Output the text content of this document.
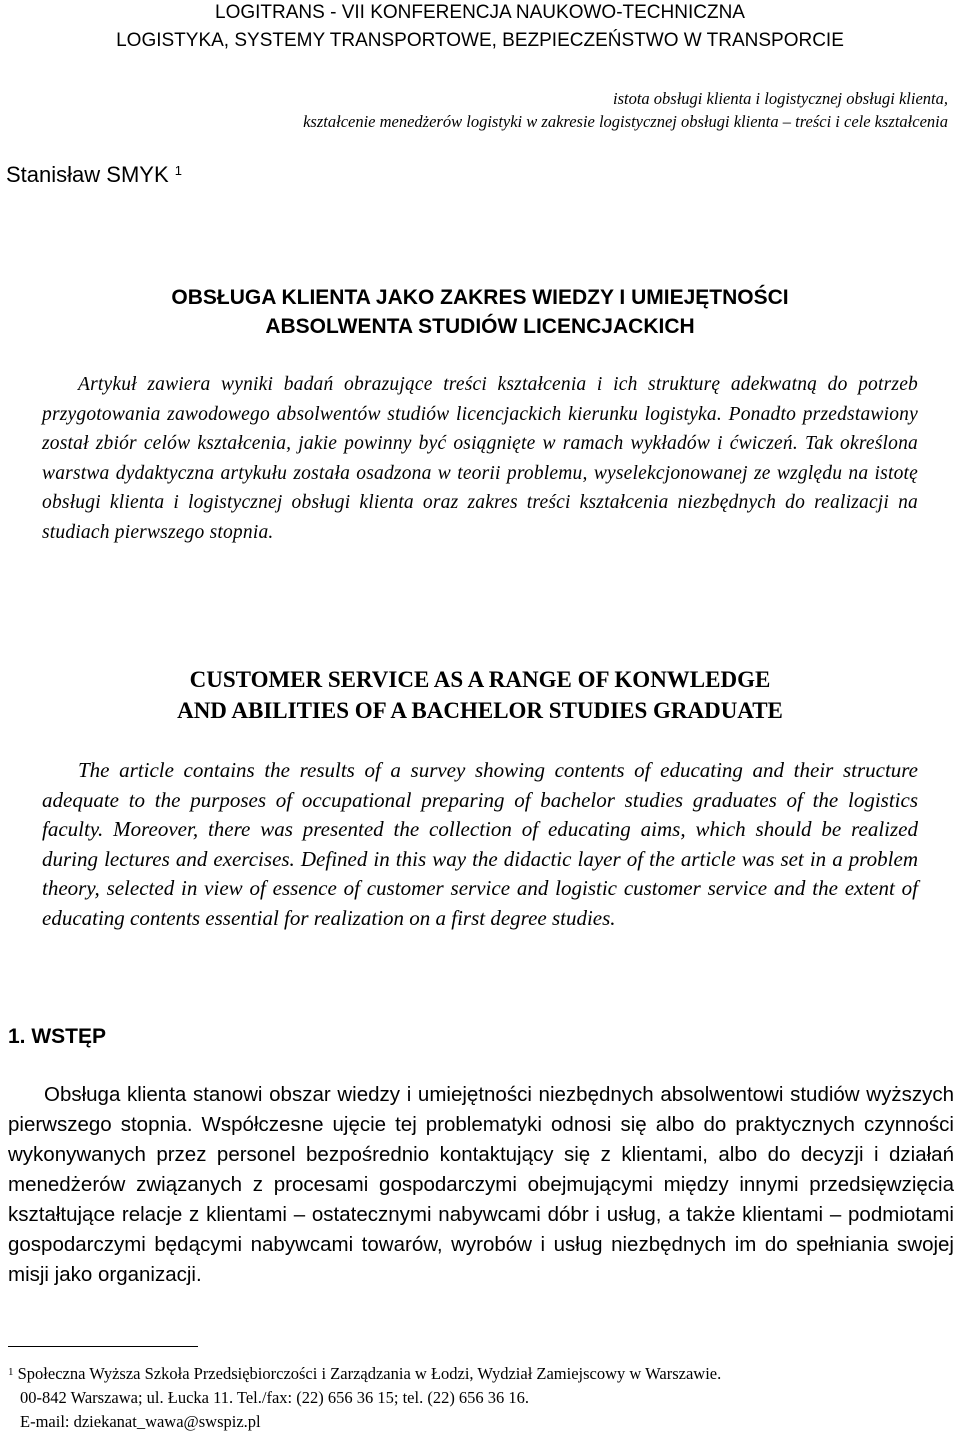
LOGITRANS - VII KONFERENCJA NAUKOWO-TECHNICZNA
LOGISTYKA, SYSTEMY TRANSPORTOWE, BEZPIECZEŃSTWO W TRANSPORCIE
istota obsługi klienta i logistycznej obsługi klienta,
kształcenie menedżerów logistyki w zakresie logistycznej obsługi klienta – treści i cele kształcenia
Stanisław SMYK $^1$
OBSŁUGA KLIENTA JAKO ZAKRES WIEDZY I UMIEJĘTNOŚCI
ABSOLWENTA STUDIÓW LICENCJACKICH
Artykuł zawiera wyniki badań obrazujące treści kształcenia i ich strukturę adekwatną do potrzeb przygotowania zawodowego absolwentów studiów licencjackich kierunku logistyka. Ponadto przedstawiony został zbiór celów kształcenia, jakie powinny być osiągnięte w ramach wykładów i ćwiczeń. Tak określona warstwa dydaktyczna artykułu została osadzona w teorii problemu, wyselekcjonowanej ze względu na istotę obsługi klienta i logistycznej obsługi klienta oraz zakres treści kształcenia niezbędnych do realizacji na studiach pierwszego stopnia.
CUSTOMER SERVICE AS A RANGE OF KONWLEDGE
AND ABILITIES OF A BACHELOR STUDIES GRADUATE
The article contains the results of a survey showing contents of educating and their structure adequate to the purposes of occupational preparing of bachelor studies graduates of the logistics faculty. Moreover, there was presented the collection of educating aims, which should be realized during lectures and exercises. Defined in this way the didactic layer of the article was set in a problem theory, selected in view of essence of customer service and logistic customer service and the extent of educating contents essential for realization on a first degree studies.
1. WSTĘP
Obsługa klienta stanowi obszar wiedzy i umiejętności niezbędnych absolwentowi studiów wyższych pierwszego stopnia. Współczesne ujęcie tej problematyki odnosi się albo do praktycznych czynności wykonywanych przez personel bezpośrednio kontaktujący się z klientami, albo do decyzji i działań menedżerów związanych z procesami gospodarczymi obejmującymi między innymi przedsięwzięcia kształtujące relacje z klientami – ostatecznymi nabywcami dóbr i usług, a także klientami – podmiotami gospodarczymi będącymi nabywcami towarów, wyrobów i usług niezbędnych im do spełniania swojej misji jako organizacji.
$^1$ Społeczna Wyższa Szkoła Przedsiębiorczości i Zarządzania w Łodzi, Wydział Zamiejscowy w Warszawie.
00-842 Warszawa; ul. Łucka 11. Tel./fax: (22) 656 36 15; tel. (22) 656 36 16.
E-mail: dziekanat_wawa@swspiz.pl
